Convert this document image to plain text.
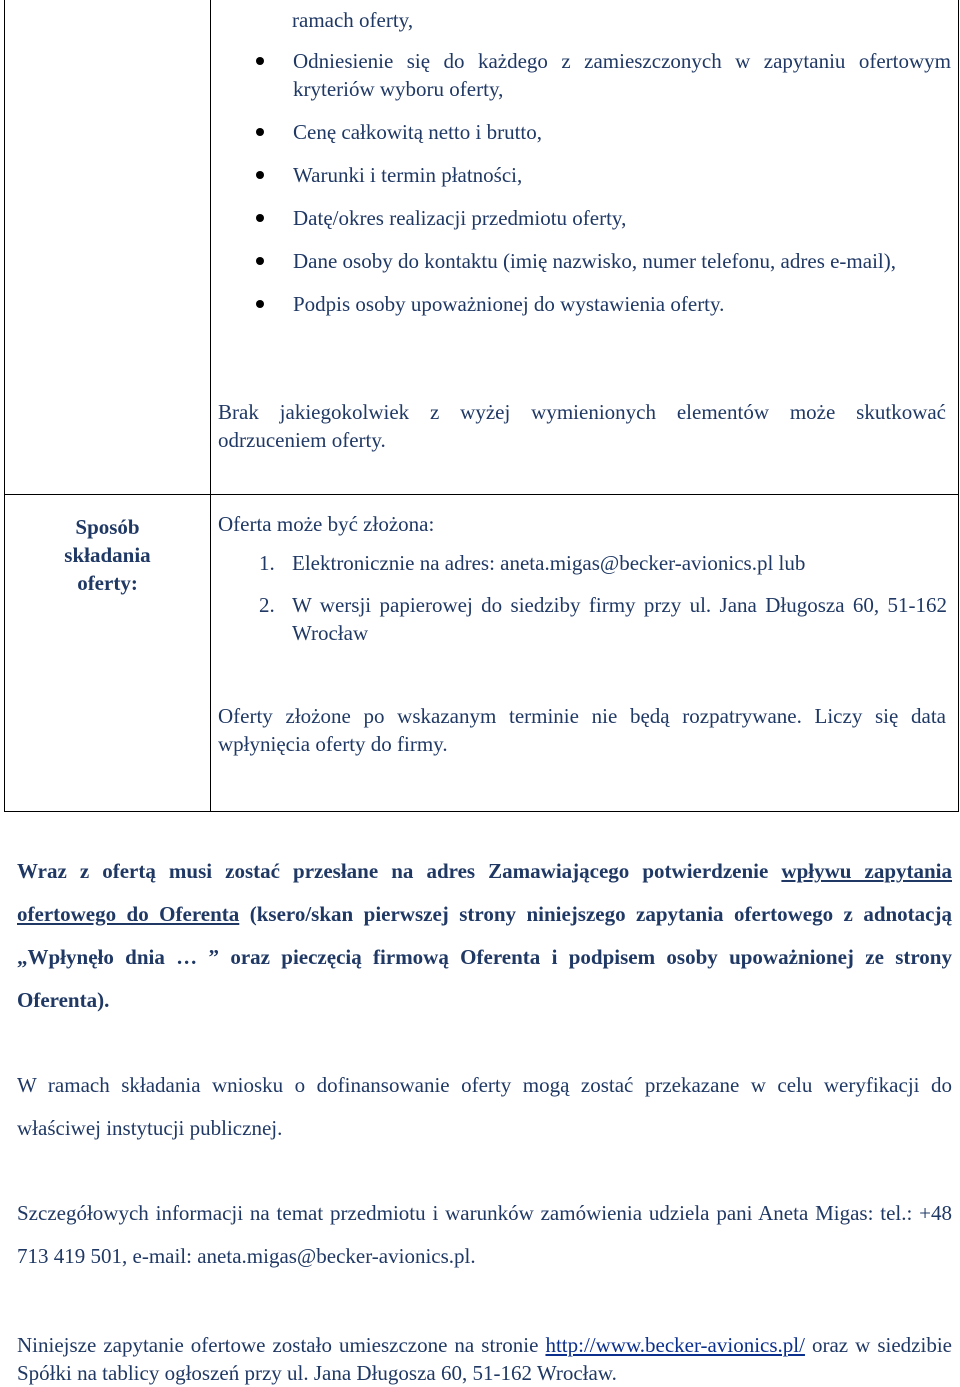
ramach oferty,
Odniesienie się do każdego z zamieszczonych w zapytaniu ofertowym kryteriów wyboru oferty,
Cenę całkowitą netto i brutto,
Warunki i termin płatności,
Datę/okres realizacji przedmiotu oferty,
Dane osoby do kontaktu (imię nazwisko, numer telefonu, adres e-mail),
Podpis osoby upoważnionej do wystawienia oferty.
Brak jakiegokolwiek z wyżej wymienionych elementów może skutkować odrzuceniem oferty.
Sposób
składania
oferty:
Oferta może być złożona:
1. Elektronicznie na adres: aneta.migas@becker-avionics.pl lub
2. W wersji papierowej do siedziby firmy przy ul. Jana Długosza 60, 51-162 Wrocław
Oferty złożone po wskazanym terminie nie będą rozpatrywane. Liczy się data wpłynięcia oferty do firmy.
Wraz z ofertą musi zostać przesłane na adres Zamawiającego potwierdzenie wpływu zapytania ofertowego do Oferenta (ksero/skan pierwszej strony niniejszego zapytania ofertowego z adnotacją „Wpłynęło dnia … ” oraz pieczęcią firmową Oferenta i podpisem osoby upoważnionej ze strony Oferenta).
W ramach składania wniosku o dofinansowanie oferty mogą zostać przekazane w celu weryfikacji do właściwej instytucji publicznej.
Szczegółowych informacji na temat przedmiotu i warunków zamówienia udziela pani Aneta Migas: tel.: +48 713 419 501, e-mail: aneta.migas@becker-avionics.pl.
Niniejsze zapytanie ofertowe zostało umieszczone na stronie http://www.becker-avionics.pl/ oraz w siedzibie Spółki na tablicy ogłoszeń przy ul. Jana Długosza 60, 51-162 Wrocław.
